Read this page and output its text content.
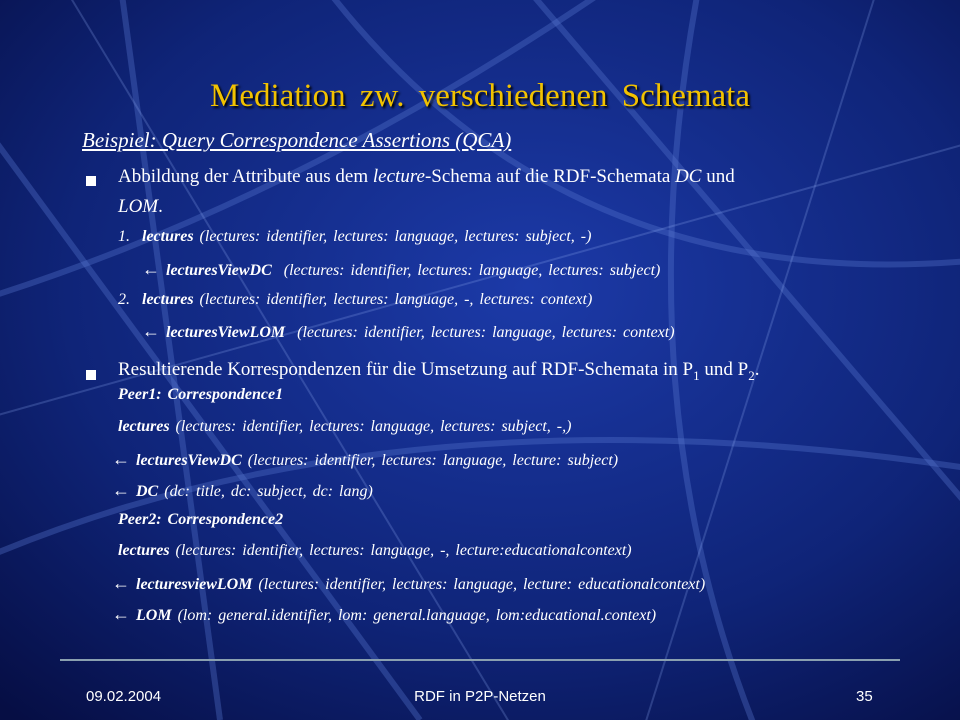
Mediation zw. verschiedenen Schemata

Beispiel: Query Correspondence Assertions (QCA)

Abbildung der Attribute aus dem lecture-Schema auf die RDF-Schemata DC und
LOM.
1. lectures (lectures: identifier, lectures: language, lectures: subject, -)
← lecturesViewDC (lectures: identifier, lectures: language, lectures: subject)
2. lectures (lectures: identifier, lectures: language, -, lectures: context)
← lecturesViewLOM (lectures: identifier, lectures: language, lectures: context)
Resultierende Korrespondenzen für die Umsetzung auf RDF-Schemata in $P_1$ und $P_2$.
Peer1: Correspondence1
lectures (lectures: identifier, lectures: language, lectures: subject, -,)
← lecturesViewDC (lectures: identifier, lectures: language, lecture: subject)
← DC (dc: title, dc: subject, dc: lang)
Peer2: Correspondence2
lectures (lectures: identifier, lectures: language, -, lecture:educationalcontext)
← lecturesviewLOM (lectures: identifier, lectures: language, lecture: educationalcontext)
← LOM (lom: general.identifier, lom: general.language, lom:educational.context)
09.02.2004	RDF in P2P-Netzen	35
